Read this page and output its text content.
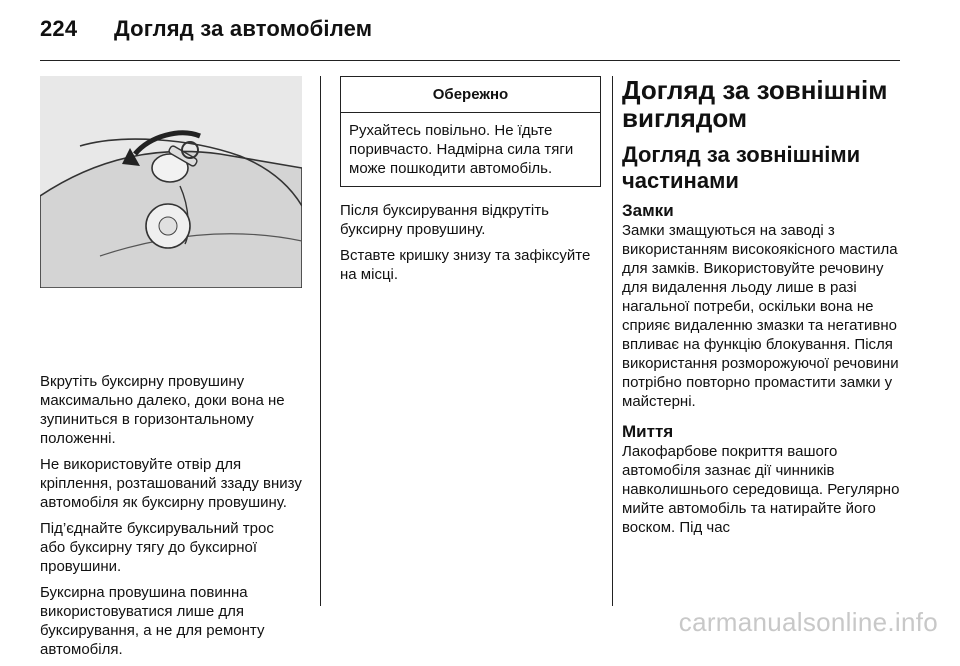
224 Догляд за автомобілем

Вкрутіть буксирну провушину максимально далеко, доки вона не зупиниться в горизонтальному положенні.

Не використовуйте отвір для кріплення, розташований ззаду внизу автомобіля як буксирну провушину.

Під’єднайте буксирувальний трос або буксирну тягу до буксирної провушини.

Буксирна провушина повинна використовуватися лише для буксирування, а не для ремонту автомобіля.

Обережно
Рухайтесь повільно. Не їдьте поривчасто. Надмірна сила тяги може пошкодити автомобіль.

Після буксирування відкрутіть буксирну провушину.

Вставте кришку знизу та зафіксуйте на місці.

Догляд за зовнішнім виглядом
Догляд за зовнішніми частинами
Замки

Замки змащуються на заводі з використанням високоякісного мастила для замків. Використовуйте речовину для видалення льоду лише в разі нагальної потреби, оскільки вона не сприяє видаленню змазки та негативно впливає на функцію блокування. Після використання розморожуючої речовини потрібно повторно промастити замки у майстерні.

Миття

Лакофарбове покриття вашого автомобіля зазнає дії чинників навколишнього середовища. Регулярно мийте автомобіль та натирайте його воском. Під час

carmanualsonline.info
